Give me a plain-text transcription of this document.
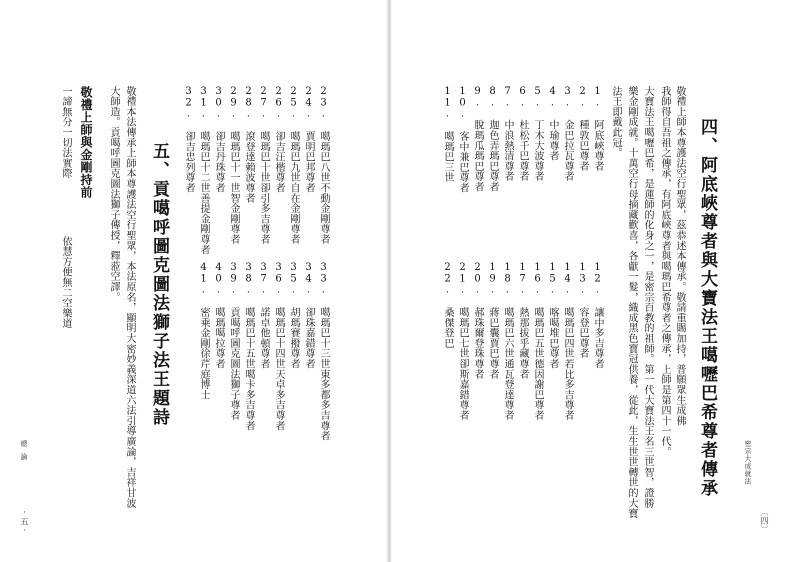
密宗大成就法
〔四〕
四、阿底峽尊者與大寶法王噶嚦巴希尊者傳承
敬禮上師本尊護法空行聖眾，茲恭述本傳承。敬請重賜加持，普願眾生成佛
我師得自吾祖之傳承，有阿底峽尊者與噶瑪巴希尊者之傳承，上師是第四十一代。
大寶法王噶嚦巴希，是蓮師的化身之一，是密宗百教的祖師。第一代大寶法王名三世智，證勝
樂金剛成就。十萬空行母摘藏歡喜，各獻一髮，織成黑色寶冠供養，從此，生生世世轉世的大寶
法王即戴此冠。
1. 阿底峽尊者
2. 種敦巴尊者
3. 金巴拉瓦尊者
4. 中瑜尊者
5. 丁木大波尊者
6. 杜松千巴尊者
7. 中浪熱清尊者
8. 迦色弄瑪巴尊者
9. 脫瑪瓜瑪巴尊者
10. 客中兼巴尊者
11. 噶瑪巴三世
12. 讓中多吉尊者
13. 容登巴尊者
14. 噶瑪巴四世若比多吉尊者
15. 喀噶堆巴尊者
16. 噶瑪巴五世德因謝巴尊者
17. 熱那拔乎藏尊者
18. 噶瑪巴六世通瓦登達尊者
19. 蔣巴囊賈巴尊者
20. 郝珠爾登珠尊者
21. 噶瑪巴七世卻斯嘉錯尊者
22. 桑傑登巴
23. 噶瑪巴八世不動金剛尊者
24. 賈明巴邦尊者
25. 噶瑪巴九世自在金剛尊者
26. 卻吉汪楷尊者
27. 噶瑪巴十世卻引多吉尊者
28. 滾登達賴波尊者
29. 噶瑪巴十一世智金剛尊者
30. 卻吉丹珠尊者
31. 噶瑪巴十二世善提金剛尊者
32. 卻吉忠列尊者
33. 噶瑪巴十三世東多都多吉尊者
34. 卻珠嘉錯尊者
35. 胡瑪賽撥尊者
36. 噶瑪巴十四世天卓多吉尊者
37. 諾卓他頓尊者
38. 噶瑪巴十五世噶卡多吉尊者
39. 貢噶呼圖克圖法獅子尊者
40. 噶瑪噶拉尊者
41. 密乘金剛徐芹庭博士
五、貢噶呼圖克圖法獅子法王題詩
敬禮本法傳承上師本尊護法空行聖眾，本法原名，顯明大密妙義深道六法引導廣論，吉祥甘波
大師造。貢噶呼圖克圖法獅子傳授，釋蒞空譯。
敬禮上師與金剛持前
一諦無分一切法實際
依慧方便無二空樂道
總論
·五·
